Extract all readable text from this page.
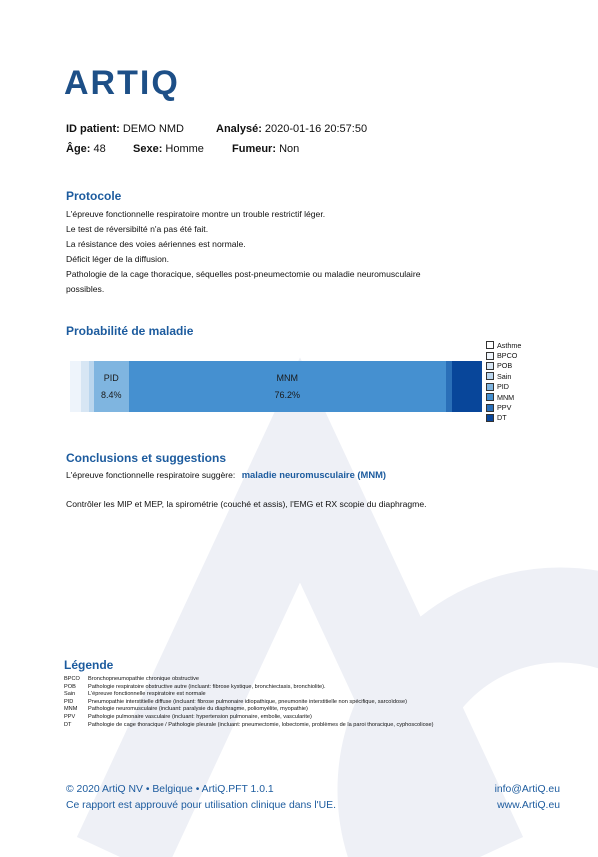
ARTIQ
ID patient: DEMO NMD	Analysé: 2020-01-16 20:57:50
Âge: 48 Sexe: Homme	Fumeur: Non
Protocole
L'épreuve fonctionnelle respiratoire montre un trouble restrictif léger.
Le test de réversibilté n'a pas été fait.
La résistance des voies aériennes est normale.
Déficit léger de la diffusion.
Pathologie de la cage thoracique, séquelles post-pneumectomie ou maladie neuromusculaire
possibles.
Probabilité de maladie
PID
8.4%
MNM
76.2%
Asthme
BPCO
POB
Sain
PID
MNM
PPV
DT
Conclusions et suggestions
L'épreuve fonctionnelle respiratoire suggère: maladie neuromusculaire (MNM)
Contrôler les MIP et MEP, la spirométrie (couché et assis), l'EMG et RX scopie du diaphragme.
Légende
BPCO	Bronchopneumopathie chronique obstructive
POB	Pathologie respiratoire obstructive autre (incluant: fibrose kystique, bronchiectasis, bronchiolite).
Sain	L'épreuve fonctionnelle respiratoire est normale
PID	Pneumopathie interstitielle diffuse (incluant: fibrose pulmonaire idiopathique, pneumonite interstitielle non spécifique, sarcoïdose)
MNM	Pathologie neuromusculaire (incluant: paralysie du diaphragme, poliomyélite, myopathie)
PPV	Pathologie pulmonaire vasculaire (incluant: hypertension pulmonaire, embolie, vascularite)
DT	Pathologie de cage thoracique / Pathologie pleurale (incluant: pneumectomie, lobectomie, problèmes de la paroi thoracique, cyphoscoliose)
© 2020 ArtiQ NV • Belgique • ArtiQ.PFT 1.0.1
Ce rapport est approuvé pour utilisation clinique dans l'UE.
info@ArtiQ.eu
www.ArtiQ.eu
